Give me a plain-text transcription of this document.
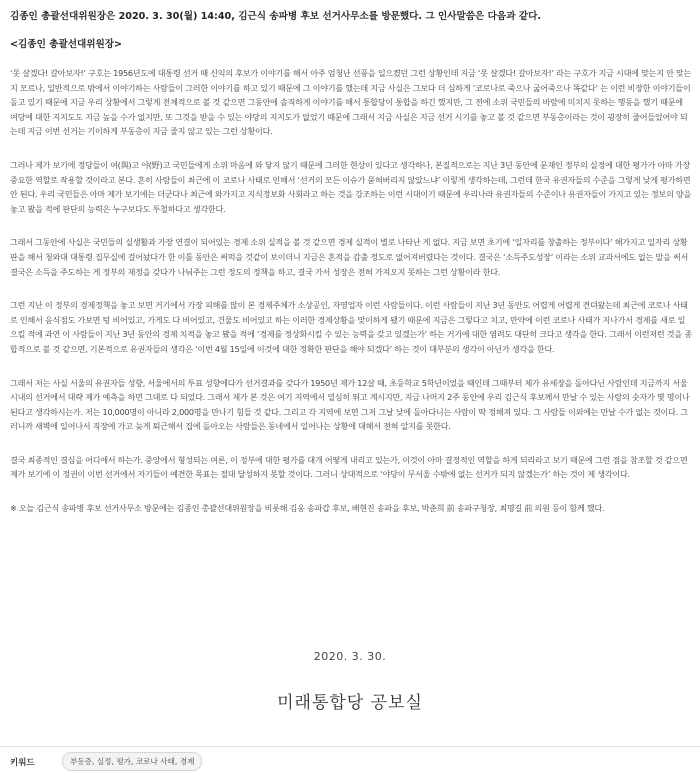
김종인 총괄선대위원장은 2020. 3. 30(월) 14:40, 김근식 송파병 후보 선거사무소를 방문했다. 그 인사말씀은 다음과 같다.

<김종인 총괄선대위원장>

‘못 살겠다! 갈아보자!’ 구호는 1956년도에 대통령 선거 때 신익의 후보가 이야기를 해서 아주 엄청난 선풍을 일으켰던 그런 상황인데 지금 ‘못 살겠다! 갈아보자!’ 라는 구호가 지금 시대에 맞는지 안 맞는지 모르나, 일반적으로 밖에서 이야기하는 사람들이 그러한 이야기를 하고 있기 때문에 그 이야기를 했는데 지금 사실은 그보다 더 심하게 ‘코로나로 죽으나 굶어죽으나 똑같다’ 는 이런 비장한 이야기들이 돌고 있기 때문에 지금 우리 상황에서 그렇게 전체적으로 볼 것 같으면 그동안에 솔직하게 이야기를 해서 통합당이 통합을 하긴 했지만, 그 전에 소위 국민들의 바람에 미치지 못하는 행동을 했기 때문에 여당에 대한 지지도도 지금 높을 수가 없지만, 또 그것을 받을 수 있는 야당의 지지도가 없었기 때문에 그래서 지금 사실은 지금 선거 시기를 놓고 볼 것 같으면 부동층이라는 것이 굉장히 줄어들었어야 되는데 지금 이번 선거는 기이하게 부동층이 지금 줄지 않고 있는 그런 상황이다.

그러나 제가 보기에 정당들이 여(與)고 야(野)고 국민들에게 소위 마음에 와 닿지 않기 때문에 그러한 현상이 있다고 생각하나, 본질적으로는 지난 3년 동안에 문재인 정부의 실정에 대한 평가가 아마 가장 중요한 역할로 작용할 것이라고 본다. 흔히 사람들이 최근에 이 코로나 사태로 인해서 ‘선거의 모든 이슈가 묻혀버리지 않았느냐’ 이렇게 생각하는데, 그런데 한국 유권자들의 수준을 그렇게 낮게 평가하면 안 된다. 우리 국민들은 아마 제가 보기에는 더군다나 최근에 와가지고 지식정보화 사회라고 하는 것을 강조하는 이런 시대이기 때문에 우리나라 유권자들의 수준이나 유권자들이 가지고 있는 정보의 양을 놓고 봤을 적에 판단의 능력은 누구보다도 투철하다고 생각한다.

그래서 그동안에 사실은 국민들의 실생활과 가장 연결이 되어있는 경제 소위 실적을 볼 것 같으면 경제 실적이 별로 나타난 게 없다. 지금 보면 초기에 ‘일자리를 창출하는 정부이다’ 해가지고 일자리 상황판을 해서 청와대 대통령 집무실에 걸어놨다가 한 이틀 동안은 써먹을 것같이 보이더니 지금은 흔적을 감출 정도로 없어져버렸다는 것이다. 결국은 ‘소득주도성장’ 이라는 소위 교과서에도 없는 말을 써서 결국은 소득을 주도하는 게 정부의 재정을 갖다가 나눠주는 그런 정도의 정책을 하고, 결국 가서 성장은 전혀 가져오지 못하는 그런 상황이라 한다.

그런 지난 이 정부의 경제정책을 놓고 보면 거기에서 가장 피해를 많이 본 경제주체가 소상공인, 자영업자 이런 사람들이다. 이런 사람들이 지난 3년 동안도 어렵게 어렵게 견뎌왔는데 최근에 코로나 사태로 인해서 음식점도 가보면 텅 비어있고, 가게도 다 비어있고, 건물도 비어있고 하는 이러한 경제상황을 맞이하게 됐기 때문에 지금은 그렇다고 치고, 만약에 이런 코로나 사태가 지나가서 경제를 새로 일으킬 적에 과연 이 사람들이 지난 3년 동안의 경제 치적을 놓고 봤을 적에 ‘경제를 정상화시킬 수 있는 능력을 갖고 있겠는가’ 하는 거기에 대한 염려도 대단히 크다고 생각을 한다. 그래서 이런저런 것을 종합적으로 볼 것 같으면, 기본적으로 유권자들의 생각은 ‘이번 4월 15일에 이것에 대한 정확한 판단을 해야 되겠다’ 하는 것이 대부분의 생각이 아닌가 생각을 한다.

그래서 저는 사실 서울의 유권자들 성향, 서울에서의 투표 성향에다가 선거결과를 갖다가 1950년 제가 12살 때, 초등학교 5학년이었을 때인데 그때부터 제가 유세장을 돌아다닌 사람인데 지금까지 서울 시내의 선거에서 대략 제가 예측을 하면 그대로 다 되었다. 그래서 제가 본 것은 여기 지역에서 열심히 뛰고 계시지만, 지금 나머지 2주 동안에 우리 김근식 후보께서 만날 수 있는 사람의 숫자가 몇 명이나 된다고 생각하시는가. 저는 10,000명이 아니라 2,000명을 만나기 힘들 것 같다. 그리고 각 지역에 보면 그저 그날 낮에 돌아다니는 사람이 딱 정해져 있다. 그 사람들 이외에는 만날 수가 없는 것이다. 그러니까 새벽에 일어나서 직장에 가고 늦게 퇴근해서 집에 돌아오는 사람들은 동네에서 일어나는 상황에 대해서 전혀 알지를 못한다.

결국 최종적인 결심을 어디에서 하는가. 중앙에서 형성되는 여론, 이 정부에 대한 평가를 대개 어떻게 내리고 있는가, 이것이 아마 결정적인 역할을 하게 되리라고 보기 때문에 그런 점을 참조할 것 같으면 제가 보기에 이 정권이 이번 선거에서 자기들이 예견한 목표는 절대 달성하지 못할 것이다. 그러니 상대적으로 ‘야당이 무서울 수밖에 없는 선거가 되지 않겠는가’ 하는 것이 제 생각이다.

※ 오늘 김근식 송파병 후보 선거사무소 방문에는 김종인 총괄선대위원장을 비롯해 김웅 송파갑 후보, 배현진 송파을 후보, 박춘희 前 송파구청장, 최명길 前 의원 등이 함께 했다.

2020. 3. 30.
미래통합당 공보실
키워드	부동층, 실정, 평가, 코로나 사태, 경제
